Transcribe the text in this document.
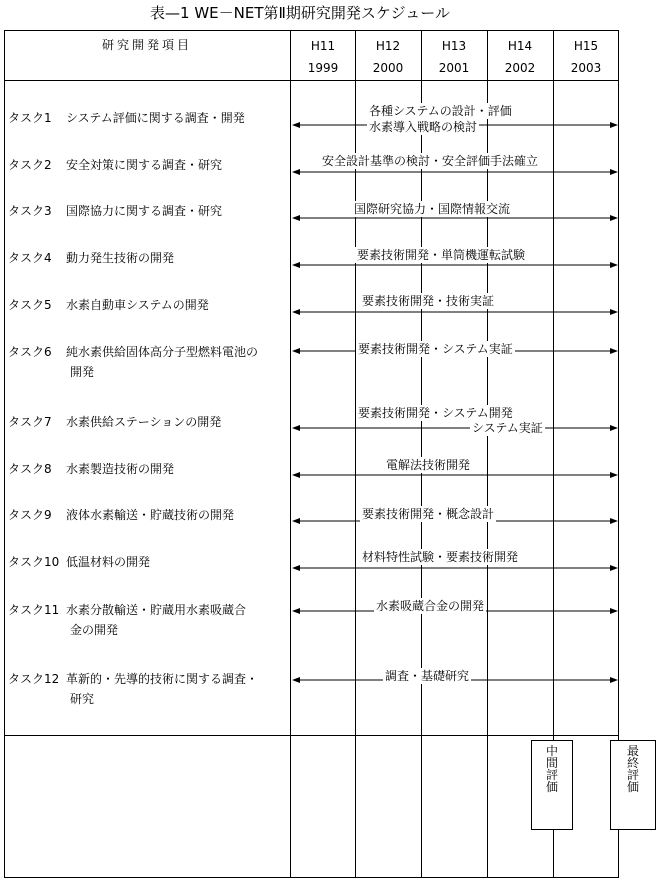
表—1 WE－NET第Ⅱ期研究開発スケジュール
研究開発項目	H11
1999
H12
2000
H13
2001
H14
2002
H15
2003
タスク1 システム評価に関する調査・開発
タスク2 安全対策に関する調査・研究
タスク3 国際協力に関する調査・研究
タスク4 動力発生技術の開発
タスク5 水素自動車システムの開発
タスク6 純水素供給固体高分子型燃料電池の
開発
タスク7 水素供給ステーションの開発
タスク8 水素製造技術の開発
タスク9 液体水素輸送・貯蔵技術の開発
タスク10 低温材料の開発
タスク11 水素分散輸送・貯蔵用水素吸蔵合
金の開発
タスク12 革新的・先導的技術に関する調査・
研究
各種システムの設計・評価
水素導入戦略の検討
安全設計基準の検討・安全評価手法確立
国際研究協力・国際情報交流
要素技術開発・単筒機運転試験
要素技術開発・技術実証
要素技術開発・システム実証
要素技術開発・システム開発
システム実証
電解法技術開発
要素技術開発・概念設計
材料特性試験・要素技術開発
水素吸蔵合金の開発
調査・基礎研究
中間評価
最終評価
